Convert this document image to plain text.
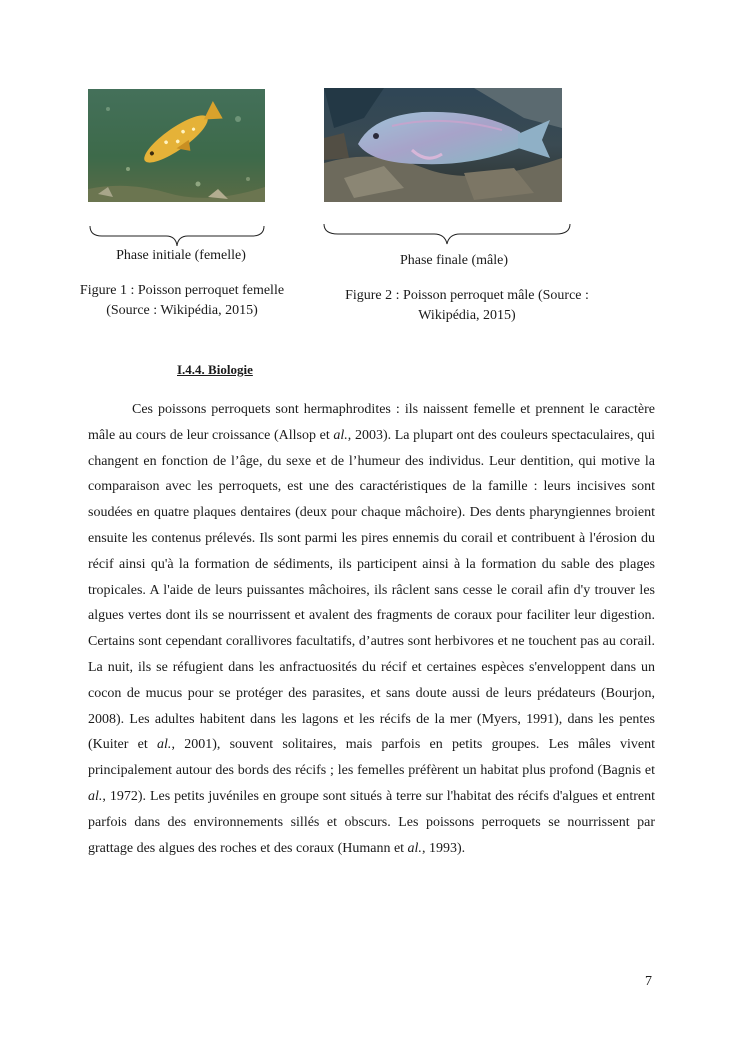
Phase initiale (femelle)	Phase finale (mâle)
Figure 1 : Poisson perroquet femelle
(Source : Wikipédia, 2015)
Figure 2 : Poisson perroquet mâle (Source :
Wikipédia, 2015)
I.4.4. Biologie

Ces poissons perroquets sont hermaphrodites : ils naissent femelle et prennent le caractère mâle au cours de leur croissance (Allsop et al., 2003). La plupart ont des couleurs spectaculaires, qui changent en fonction de l’âge, du sexe et de l’humeur des individus. Leur dentition, qui motive la comparaison avec les perroquets, est une des caractéristiques de la famille : leurs incisives sont soudées en quatre plaques dentaires (deux pour chaque mâchoire). Des dents pharyngiennes broient ensuite les contenus prélevés. Ils sont parmi les pires ennemis du corail et contribuent à l'érosion du récif ainsi qu'à la formation de sédiments, ils participent ainsi à la formation du sable des plages tropicales. A l'aide de leurs puissantes mâchoires, ils râclent sans cesse le corail afin d'y trouver les algues vertes dont ils se nourrissent et avalent des fragments de coraux pour faciliter leur digestion. Certains sont cependant corallivores facultatifs, d’autres sont herbivores et ne touchent pas au corail. La nuit, ils se réfugient dans les anfractuosités du récif et certaines espèces s'enveloppent dans un cocon de mucus pour se protéger des parasites, et sans doute aussi de leurs prédateurs (Bourjon, 2008). Les adultes habitent dans les lagons et les récifs de la mer (Myers, 1991), dans les pentes (Kuiter et al., 2001), souvent solitaires, mais parfois en petits groupes. Les mâles vivent principalement autour des bords des récifs ; les femelles préfèrent un habitat plus profond (Bagnis et al., 1972). Les petits juvéniles en groupe sont situés à terre sur l'habitat des récifs d'algues et entrent parfois dans des environnements sillés et obscurs. Les poissons perroquets se nourrissent par grattage des algues des roches et des coraux (Humann et al., 1993).

7
